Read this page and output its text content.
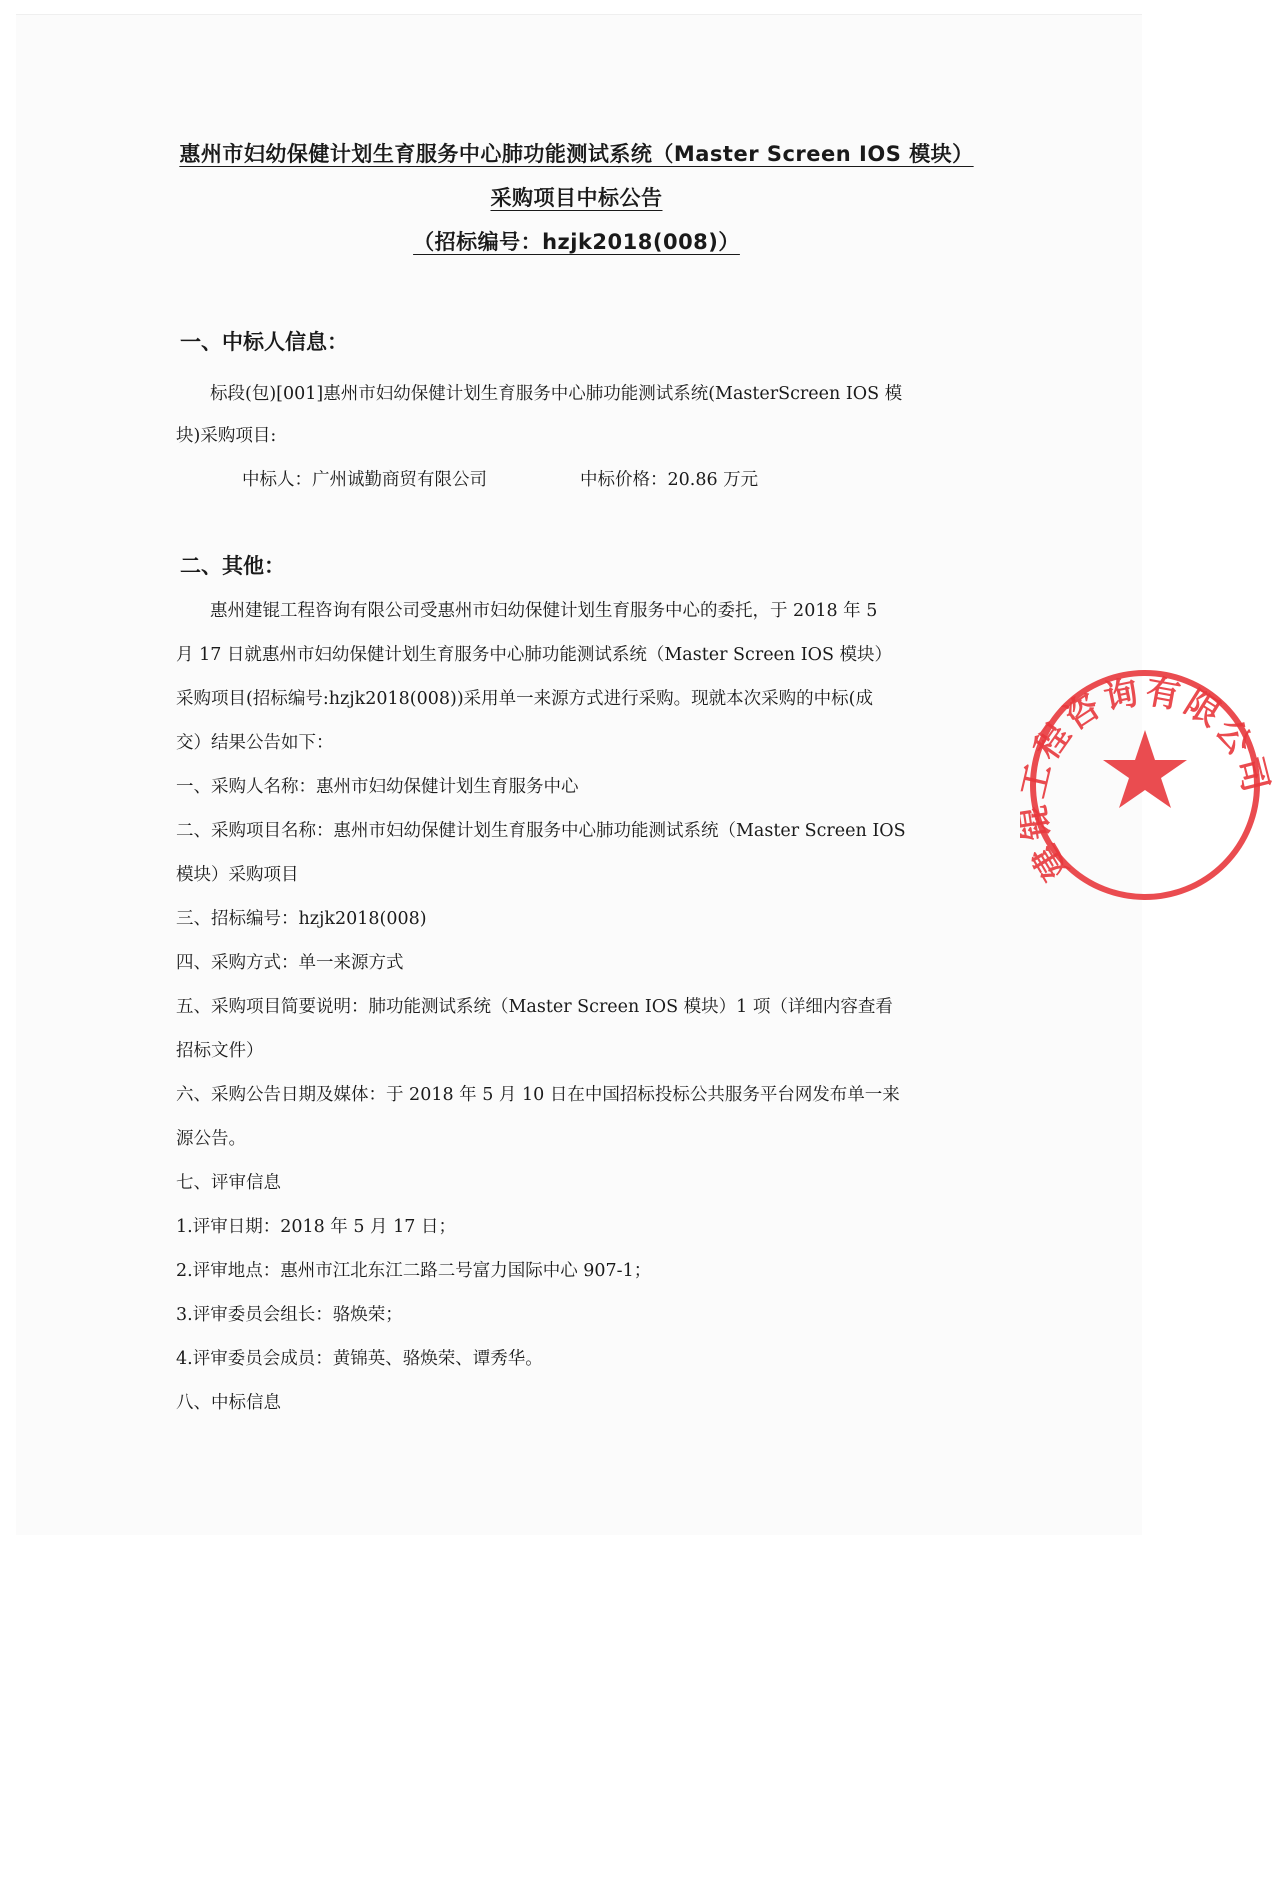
惠州市妇幼保健计划生育服务中心肺功能测试系统（Master Screen IOS 模块）
采购项目中标公告
（招标编号：hzjk2018(008)）
一、中标人信息：
标段(包)[001]惠州市妇幼保健计划生育服务中心肺功能测试系统(MasterScreen IOS 模
块)采购项目:
中标人：广州诚勤商贸有限公司	中标价格：20.86 万元
二、其他：
惠州建锟工程咨询有限公司受惠州市妇幼保健计划生育服务中心的委托，于 2018 年 5
月 17 日就惠州市妇幼保健计划生育服务中心肺功能测试系统（Master Screen IOS 模块）
采购项目(招标编号:hzjk2018(008))采用单一来源方式进行采购。现就本次采购的中标(成
交）结果公告如下：
一、采购人名称：惠州市妇幼保健计划生育服务中心
二、采购项目名称：惠州市妇幼保健计划生育服务中心肺功能测试系统（Master Screen IOS
模块）采购项目
三、招标编号：hzjk2018(008)
四、采购方式：单一来源方式
五、采购项目简要说明：肺功能测试系统（Master Screen IOS 模块）1 项（详细内容查看
招标文件）
六、采购公告日期及媒体：于 2018 年 5 月 10 日在中国招标投标公共服务平台网发布单一来
源公告。
七、评审信息
1.评审日期：2018 年 5 月 17 日；
2.评审地点：惠州市江北东江二路二号富力国际中心 907-1；
3.评审委员会组长：骆焕荣；
4.评审委员会成员：黄锦英、骆焕荣、谭秀华。
八、中标信息
建 程咨询有限公司
